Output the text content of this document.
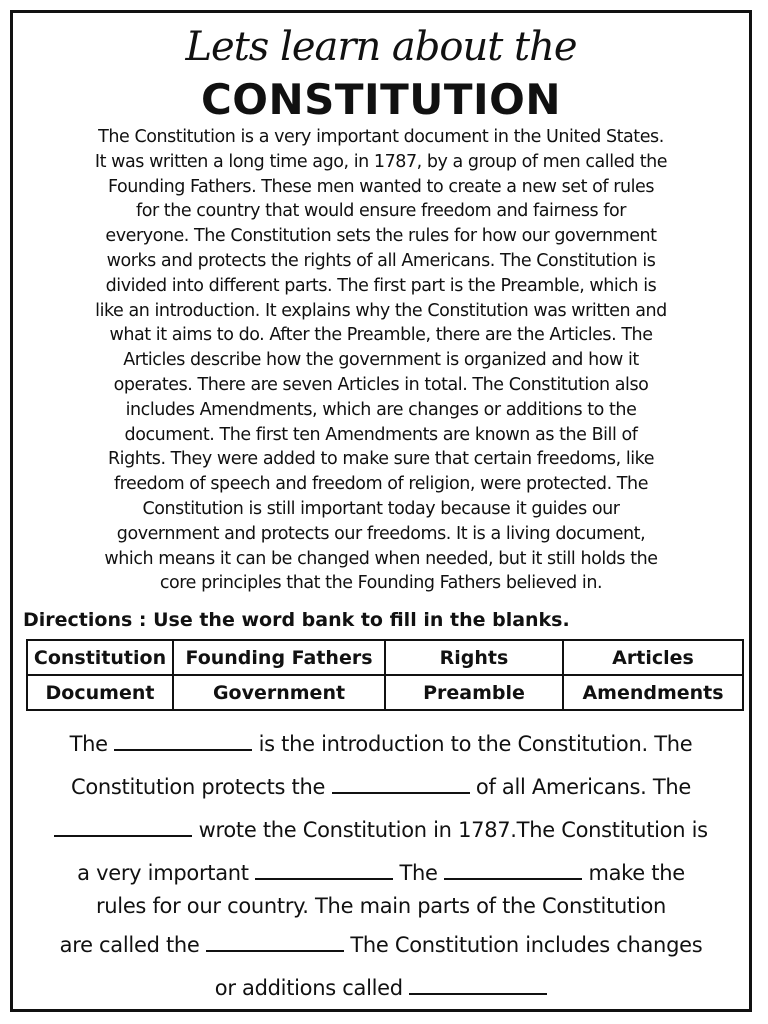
Lets learn about the
CONSTITUTION
The Constitution is a very important document in the United States.
It was written a long time ago, in 1787, by a group of men called the
Founding Fathers. These men wanted to create a new set of rules
for the country that would ensure freedom and fairness for
everyone. The Constitution sets the rules for how our government
works and protects the rights of all Americans. The Constitution is
divided into different parts. The first part is the Preamble, which is
like an introduction. It explains why the Constitution was written and
what it aims to do. After the Preamble, there are the Articles. The
Articles describe how the government is organized and how it
operates. There are seven Articles in total. The Constitution also
includes Amendments, which are changes or additions to the
document. The first ten Amendments are known as the Bill of
Rights. They were added to make sure that certain freedoms, like
freedom of speech and freedom of religion, were protected. The
Constitution is still important today because it guides our
government and protects our freedoms. It is a living document,
which means it can be changed when needed, but it still holds the
core principles that the Founding Fathers believed in.
Directions : Use the word bank to fill in the blanks.
Constitution	Founding Fathers	Rights	Articles
Document	Government	Preamble	Amendments
The	is the introduction to the Constitution. The
Constitution protects the	of all Americans. The
wrote the Constitution in 1787.The Constitution is
a very important	The	make the
rules for our country. The main parts of the Constitution
are called the	The Constitution includes changes
or additions called
